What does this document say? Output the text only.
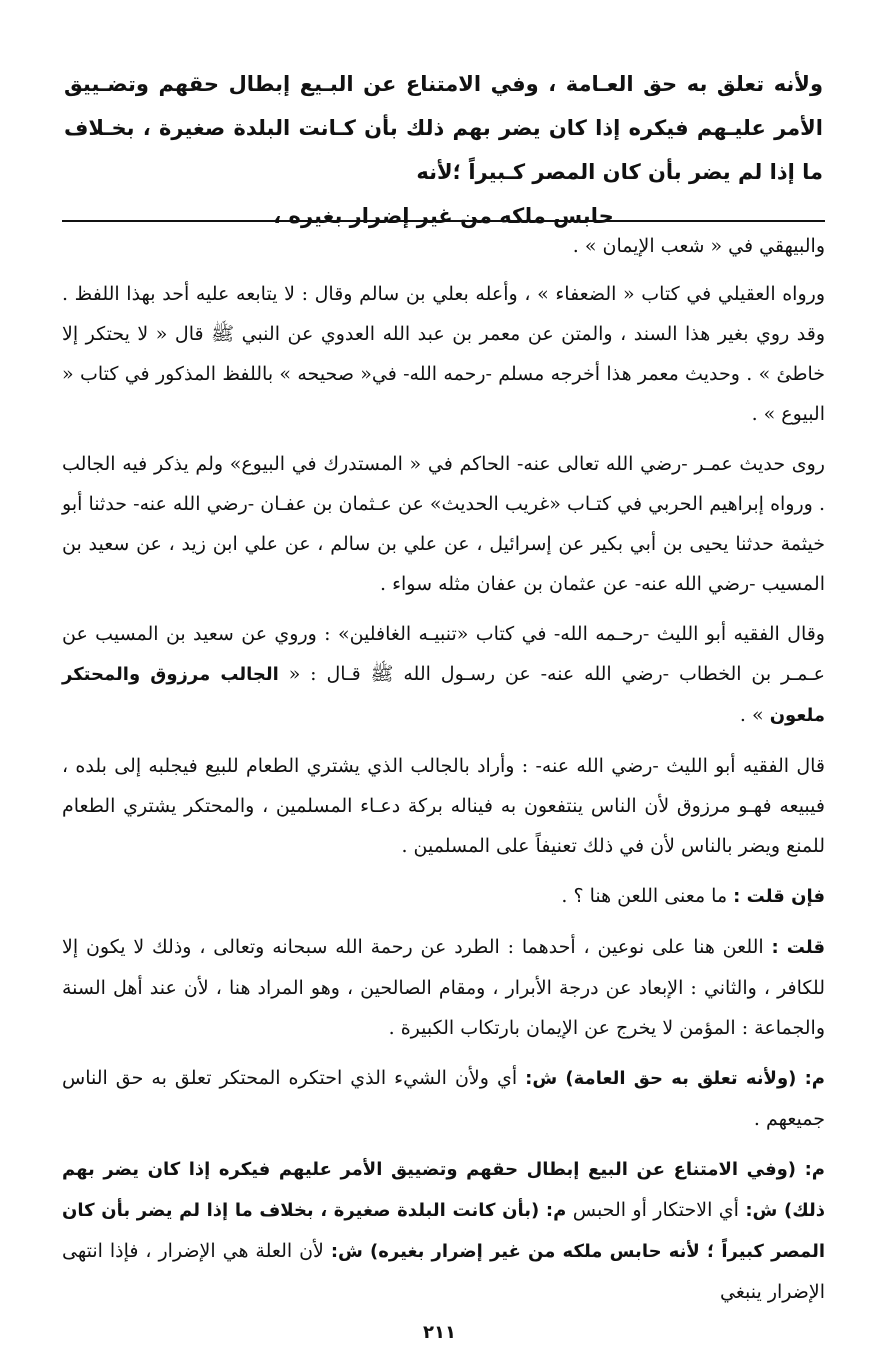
ولأنه تعلق به حق العـامة ، وفي الامتناع عن البـيع إبطال حقهم وتضـييق الأمر عليـهم فيكره إذا كان يضر بهم ذلك بأن كـانت البلدة صغيرة ، بخـلاف ما إذا لم يضر بأن كان المصر كـبيراً ؛لأنه
حابس ملكه من غير إضرار بغيره ،

والبيهقي في « شعب الإيمان » .

ورواه العقيلي في كتاب « الضعفاء » ، وأعله بعلي بن سالم وقال : لا يتابعه عليه أحد بهذا اللفظ . وقد روي بغير هذا السند ، والمتن عن معمر بن عبد الله العدوي عن النبي ﷺ قال « لا يحتكر إلا خاطئ » . وحديث معمر هذا أخرجه مسلم -رحمه الله- في« صحيحه » باللفظ المذكور في كتاب « البيوع » .

روى حديث عمـر -رضي الله تعالى عنه- الحاكم في « المستدرك في البيوع» ولم يذكر فيه الجالب . ورواه إبراهيم الحربي في كتـاب «غريب الحديث» عن عـثمان بن عفـان -رضي الله عنه- حدثنا أبو خيثمة حدثنا يحيى بن أبي بكير عن إسرائيل ، عن علي بن سالم ، عن علي ابن زيد ، عن سعيد بن المسيب -رضي الله عنه- عن عثمان بن عفان مثله سواء .

وقال الفقيه أبو الليث -رحـمه الله- في كتاب «تنبيـه الغافلين» : وروي عن سعيد بن المسيب عن عـمـر بن الخطاب -رضي الله عنه- عن رسـول الله ﷺ قـال : « الجالب مرزوق والمحتكر ملعون » .

قال الفقيه أبو الليث -رضي الله عنه- : وأراد بالجالب الذي يشتري الطعام للبيع فيجلبه إلى بلده ، فيبيعه فهـو مرزوق لأن الناس ينتفعون به فيناله بركة دعـاء المسلمين ، والمحتكر يشتري الطعام للمنع ويضر بالناس لأن في ذلك تعنيفاً على المسلمين .

فإن قلت : ما معنى اللعن هنا ؟ .

قلت : اللعن هنا على نوعين ، أحدهما : الطرد عن رحمة الله سبحانه وتعالى ، وذلك لا يكون إلا للكافر ، والثاني : الإبعاد عن درجة الأبرار ، ومقام الصالحين ، وهو المراد هنا ، لأن عند أهل السنة والجماعة : المؤمن لا يخرج عن الإيمان بارتكاب الكبيرة .

م: (ولأنه تعلق به حق العامة) ش: أي ولأن الشيء الذي احتكره المحتكر تعلق به حق الناس جميعهم .

م: (وفي الامتناع عن البيع إبطال حقهم وتضييق الأمر عليهم فيكره إذا كان يضر بهم ذلك) ش: أي الاحتكار أو الحبس م: (بأن كانت البلدة صغيرة ، بخلاف ما إذا لم يضر بأن كان المصر كبيراً ؛ لأنه حابس ملكه من غير إضرار بغيره) ش: لأن العلة هي الإضرار ، فإذا انتهى الإضرار ينبغي

٢١١
